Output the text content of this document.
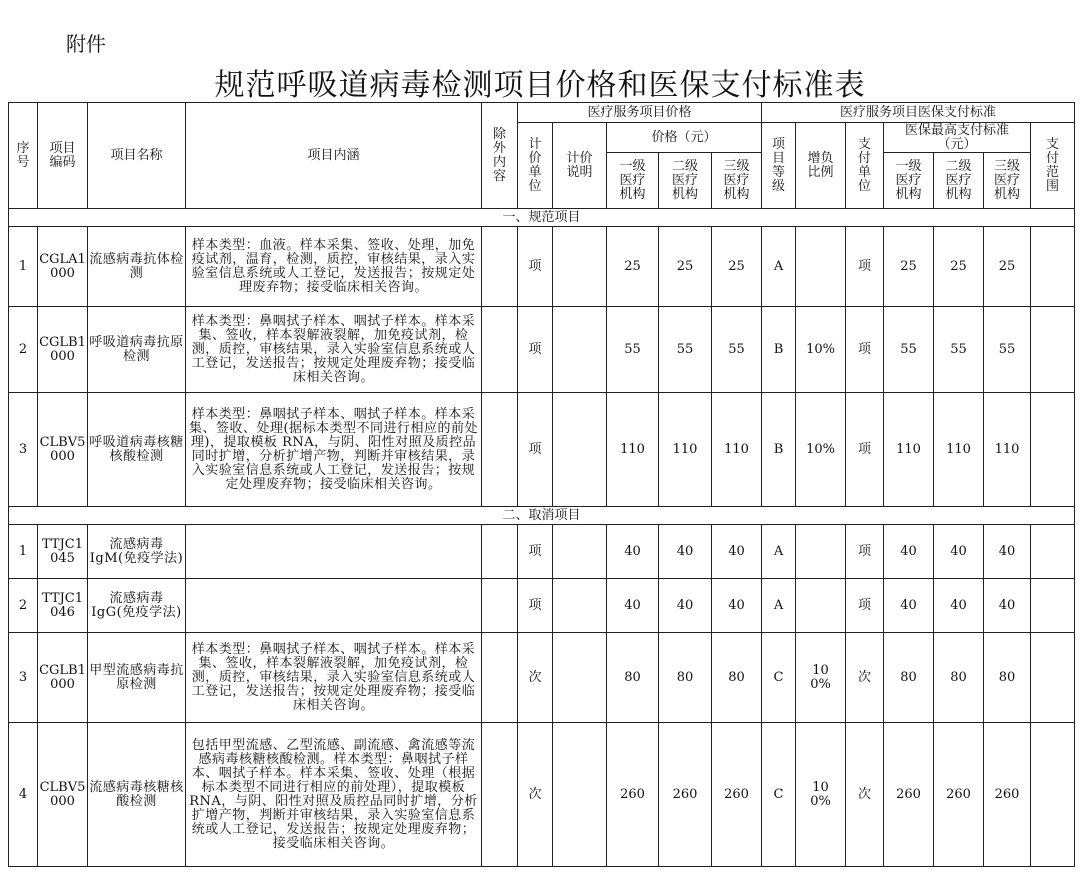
附件
规范呼吸道病毒检测项目价格和医保支付标准表
序号	项目编码	项目名称	项目内涵	除外内容	医疗服务项目价格					医疗服务项目医保支付标准						
					计价单位	计价说明	价格（元）			项目等级	增负比例	支付单位	医保最高支付标准（元）			支付范围
							一级医疗机构	二级医疗机构	三级医疗机构				一级医疗机构	二级医疗机构	三级医疗机构	
一、规范项目																
1	CGLA1000	流感病毒抗体检测	样本类型：血液。样本采集、签收、处理，加免疫试剂，温育，检测，质控，审核结果，录入实验室信息系统或人工登记，发送报告；按规定处理废弃物；接受临床相关咨询。		项		25	25	25	A		项	25	25	25	
2	CGLB1000	呼吸道病毒抗原检测	样本类型：鼻咽拭子样本、咽拭子样本。样本采集、签收，样本裂解液裂解，加免疫试剂，检测，质控，审核结果，录入实验室信息系统或人工登记，发送报告；按规定处理废弃物；接受临床相关咨询。		项		55	55	55	B	10%	项	55	55	55	
3	CLBV5000	呼吸道病毒核糖核酸检测	样本类型：鼻咽拭子样本、咽拭子样本。样本采集、签收、处理(据标本类型不同进行相应的前处理)，提取模板 RNA，与阴、阳性对照及质控品同时扩增，分析扩增产物，判断并审核结果，录入实验室信息系统或人工登记，发送报告；按规定处理废弃物；接受临床相关咨询。		项		110	110	110	B	10%	项	110	110	110	
二、取消项目																
1	TTJC1045	流感病毒IgM(免疫学法)			项		40	40	40	A		项	40	40	40	
2	TTJC1046	流感病毒IgG(免疫学法)			项		40	40	40	A		项	40	40	40	
3	CGLB1000	甲型流感病毒抗原检测	样本类型：鼻咽拭子样本、咽拭子样本。样本采集、签收，样本裂解液裂解，加免疫试剂，检测，质控，审核结果，录入实验室信息系统或人工登记，发送报告；按规定处理废弃物；接受临床相关咨询。		次		80	80	80	C	100%	次	80	80	80	
4	CLBV5000	流感病毒核糖核酸检测	包括甲型流感、乙型流感、副流感、禽流感等流感病毒核糖核酸检测。样本类型：鼻咽拭子样本、咽拭子样本。样本采集、签收、处理（根据标本类型不同进行相应的前处理），提取模板 RNA，与阴、阳性对照及质控品同时扩增，分析扩增产物，判断并审核结果，录入实验室信息系统或人工登记，发送报告；按规定处理废弃物；接受临床相关咨询。		次		260	260	260	C	100%	次	260	260	260	
